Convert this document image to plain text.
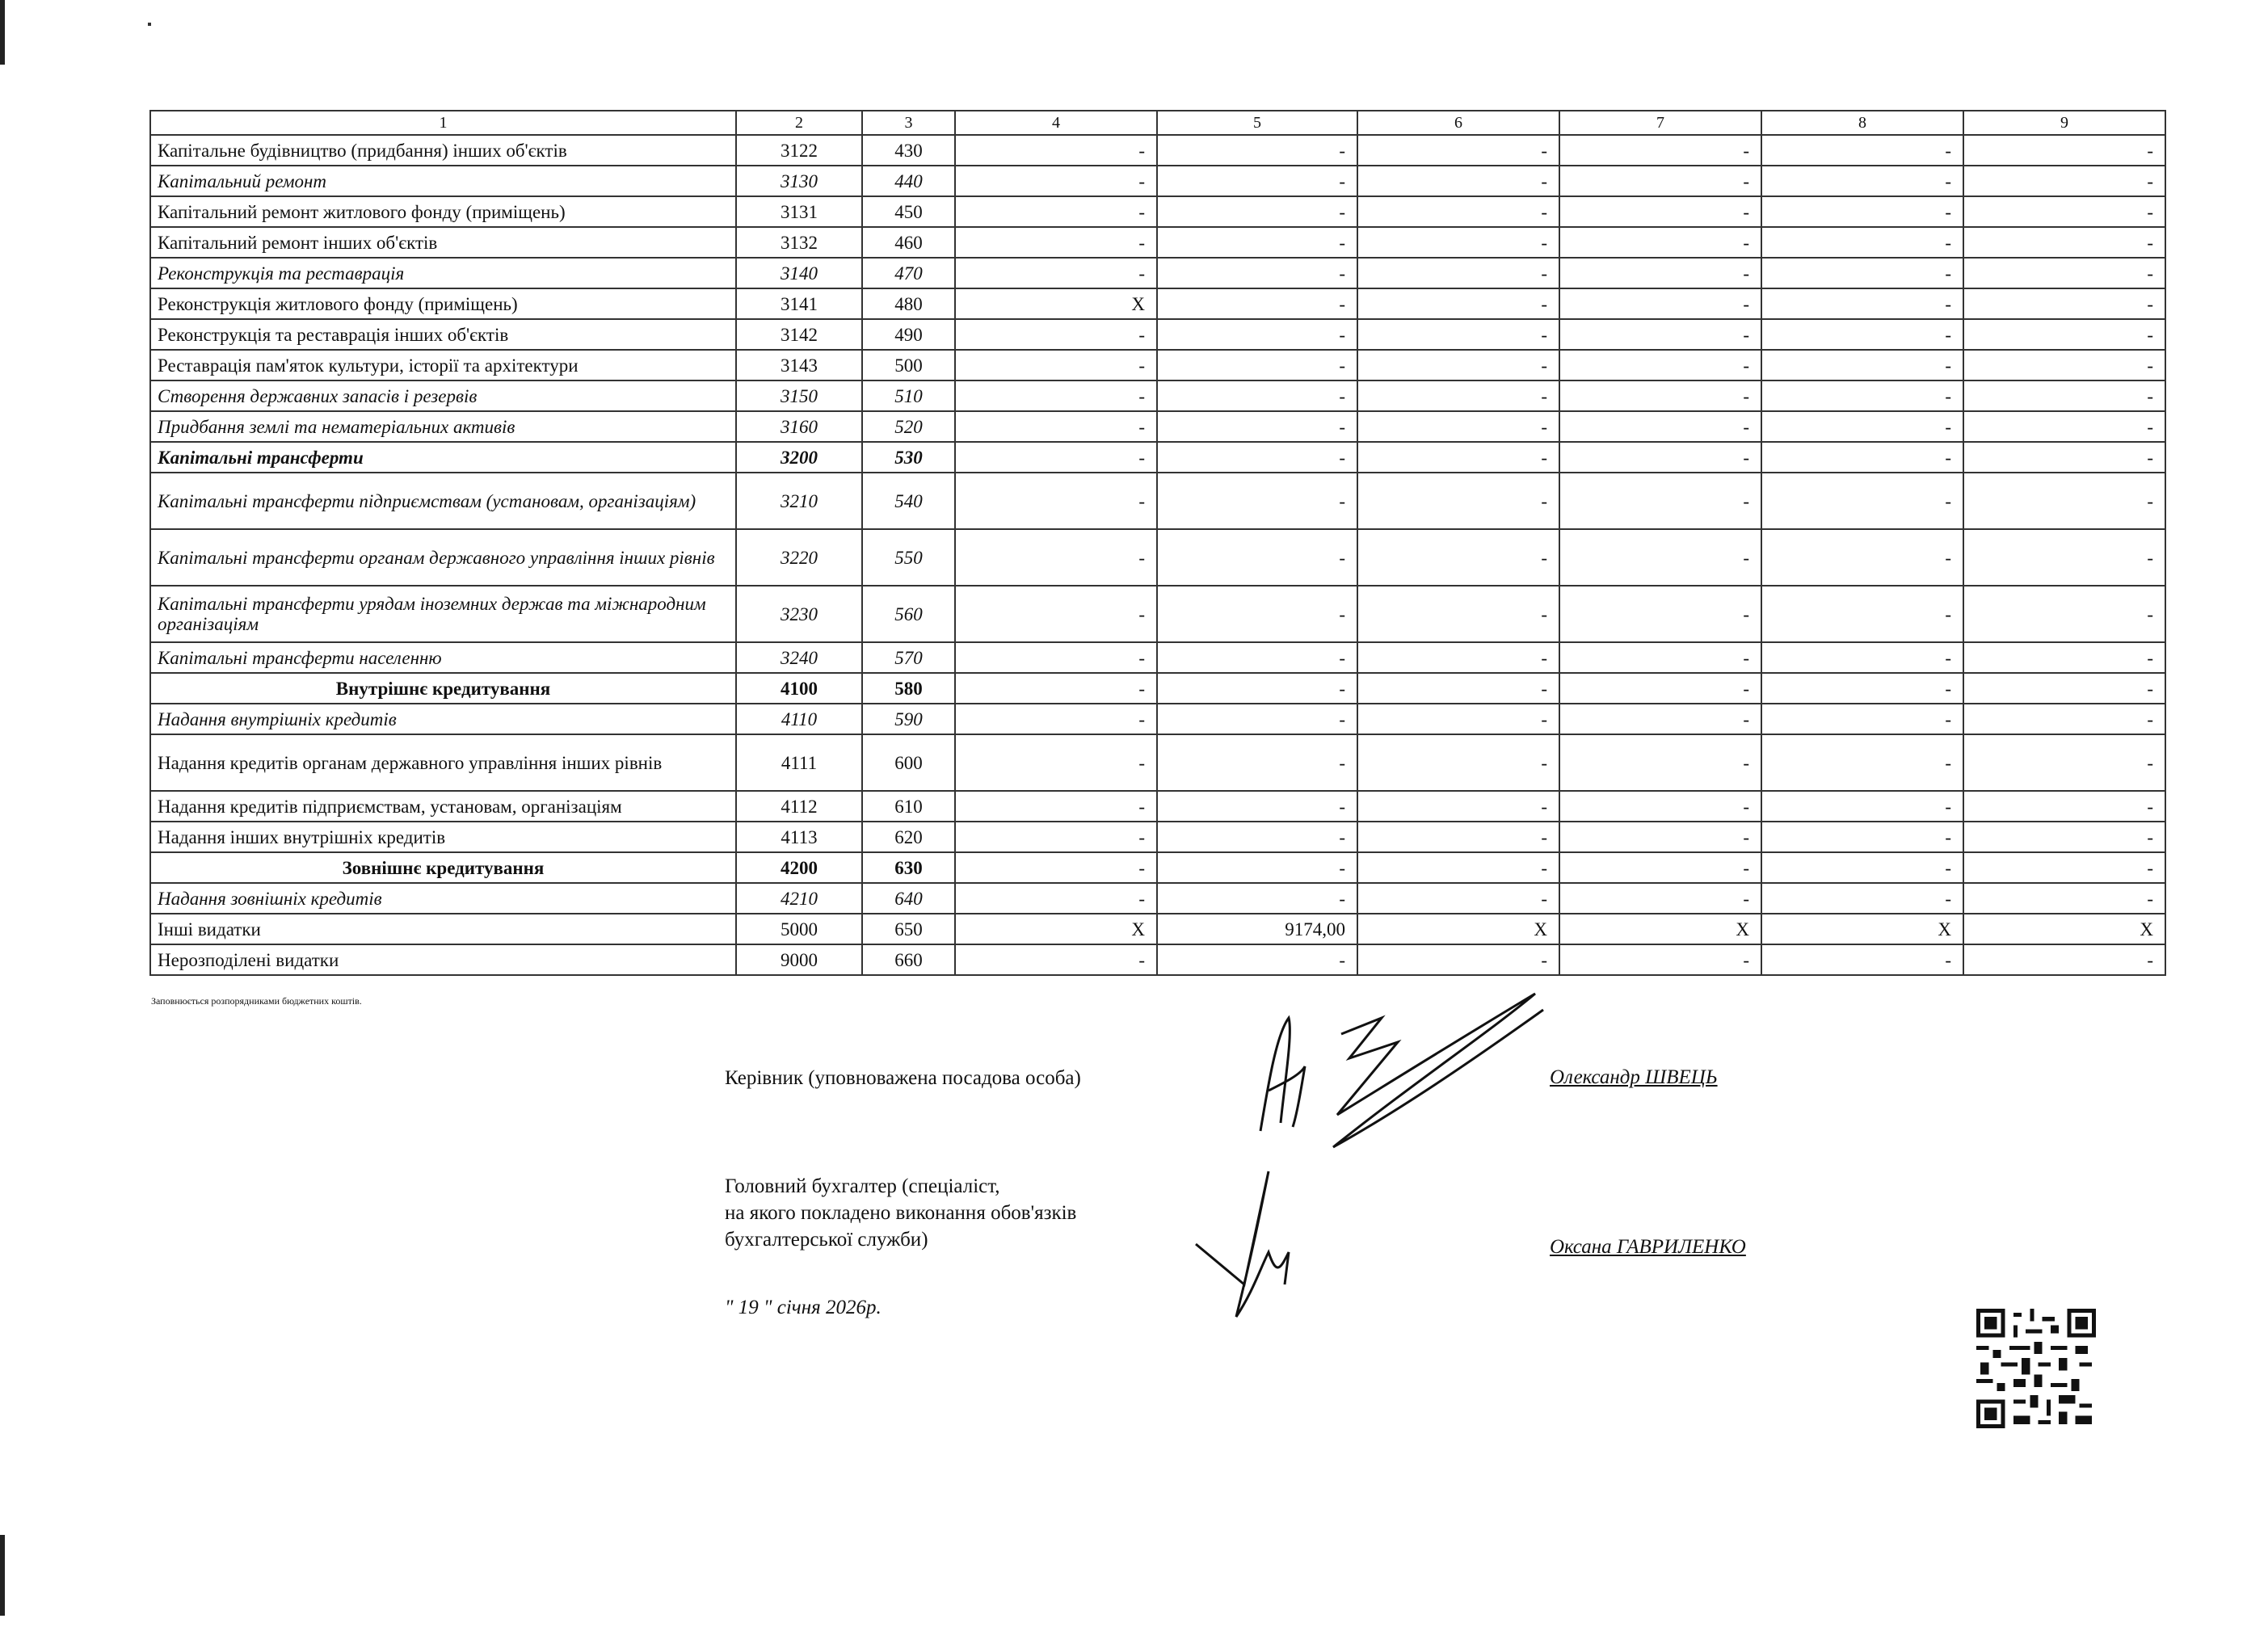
1	2	3	4	5	6	7	8	9
Капітальне будівництво (придбання) інших об'єктів	3122	430	-	-	-	-	-	-
Капітальний ремонт	3130	440	-	-	-	-	-	-
Капітальний ремонт житлового фонду (приміщень)	3131	450	-	-	-	-	-	-
Капітальний ремонт інших об'єктів	3132	460	-	-	-	-	-	-
Реконструкція та реставрація	3140	470	-	-	-	-	-	-
Реконструкція житлового фонду (приміщень)	3141	480	X	-	-	-	-	-
Реконструкція та реставрація інших об'єктів	3142	490	-	-	-	-	-	-
Реставрація пам'яток культури, історії та архітектури	3143	500	-	-	-	-	-	-
Створення державних запасів і резервів	3150	510	-	-	-	-	-	-
Придбання землі та нематеріальних активів	3160	520	-	-	-	-	-	-
Капітальні трансферти	3200	530	-	-	-	-	-	-
Капітальні трансферти підприємствам (установам, організаціям)	3210	540	-	-	-	-	-	-
Капітальні трансферти органам державного управління інших рівнів	3220	550	-	-	-	-	-	-
Капітальні трансферти урядам іноземних держав та міжнародним організаціям	3230	560	-	-	-	-	-	-
Капітальні трансферти населенню	3240	570	-	-	-	-	-	-
Внутрішнє кредитування	4100	580	-	-	-	-	-	-
Надання внутрішніх кредитів	4110	590	-	-	-	-	-	-
Надання кредитів органам державного управління інших рівнів	4111	600	-	-	-	-	-	-
Надання кредитів підприємствам, установам, організаціям	4112	610	-	-	-	-	-	-
Надання інших внутрішніх кредитів	4113	620	-	-	-	-	-	-
Зовнішнє кредитування	4200	630	-	-	-	-	-	-
Надання зовнішніх кредитів	4210	640	-	-	-	-	-	-
Інші видатки	5000	650	X	9174,00	X	X	X	X
Нерозподілені видатки	9000	660	-	-	-	-	-	-
Заповнюється розпорядниками бюджетних коштів.
Керівник (уповноважена посадова особа)	Олександр ШВЕЦЬ
Головний бухгалтер (спеціаліст,
на якого покладено виконання обов'язків
бухгалтерської служби)	Оксана ГАВРИЛЕНКО
" 19 " січня 2026р.
